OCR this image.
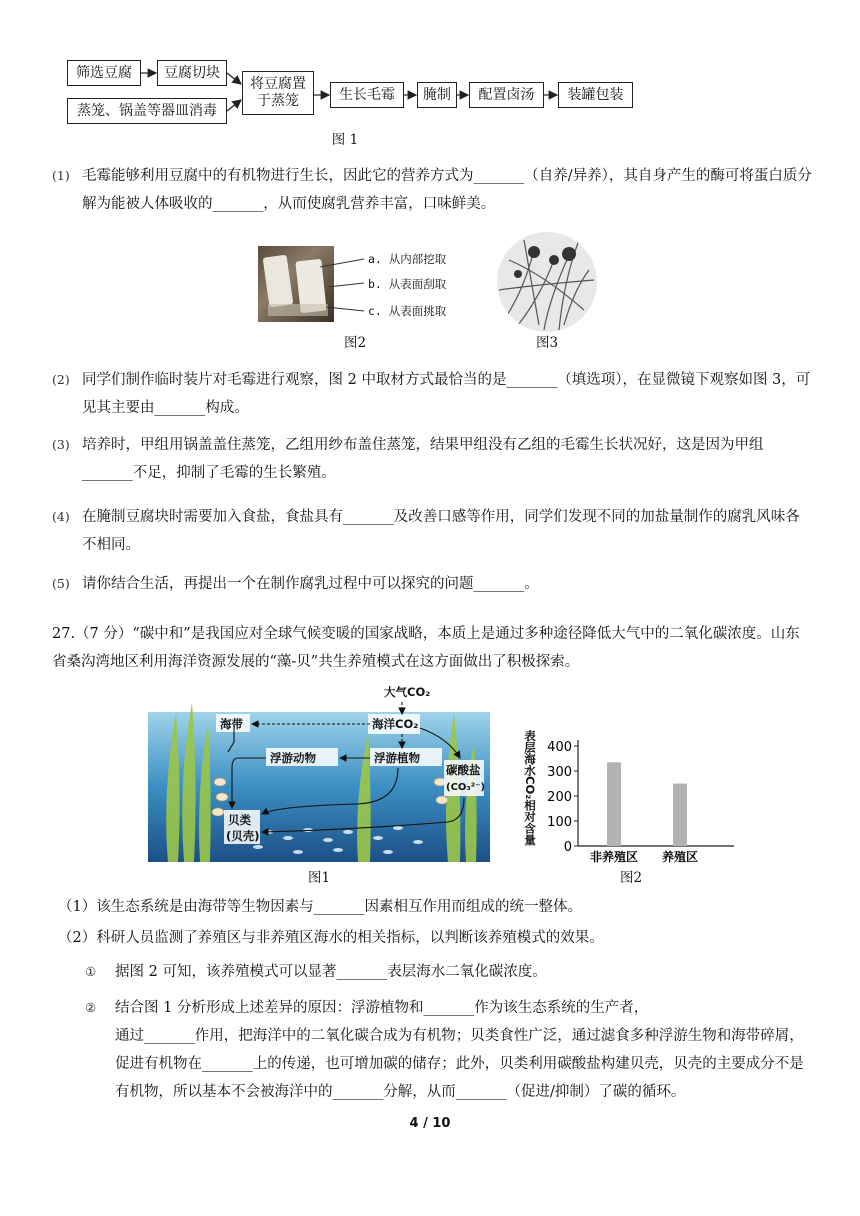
筛选豆腐	豆腐切块
蒸笼、锅盖等器皿消毒
将豆腐置
于蒸笼	生长毛霉	腌制	配置卤汤	装罐包装
图 1
(1) 毛霉能够利用豆腐中的有机物进行生长，因此它的营养方式为_______（自养/异养），其自身产生的酶可将蛋白质分解为能被人体吸收的_______，从而使腐乳营养丰富，口味鲜美。
a. 从内部挖取
b. 从表面刮取
c. 从表面挑取
图2	图3
(2) 同学们制作临时装片对毛霉进行观察，图 2 中取材方式最恰当的是_______（填选项），在显微镜下观察如图 3，可见其主要由_______构成。
(3) 培养时，甲组用锅盖盖住蒸笼，乙组用纱布盖住蒸笼，结果甲组没有乙组的毛霉生长状况好，这是因为甲组_______不足，抑制了毛霉的生长繁殖。
(4) 在腌制豆腐块时需要加入食盐，食盐具有_______及改善口感等作用，同学们发现不同的加盐量制作的腐乳风味各不相同。
(5) 请你结合生活，再提出一个在制作腐乳过程中可以探究的问题_______。
27.（7 分）“碳中和”是我国应对全球气候变暖的国家战略，本质上是通过多种途径降低大气中的二氧化碳浓度。山东省桑沟湾地区利用海洋资源发展的“藻-贝”共生养殖模式在这方面做出了积极探索。
大气CO₂
海带	海洋CO₂
浮游动物	浮游植物
碳酸盐
(CO₃²⁻)
贝类
(贝壳)
图1
表层海水CO₂相对含量
0
100
200
300
400
非养殖区 养殖区
图2
（1）该生态系统是由海带等生物因素与_______因素相互作用而组成的统一整体。
（2）科研人员监测了养殖区与非养殖区海水的相关指标，以判断该养殖模式的效果。
① 据图 2 可知，该养殖模式可以显著_______表层海水二氧化碳浓度。
② 结合图 1 分析形成上述差异的原因：浮游植物和_______作为该生态系统的生产者，
通过_______作用，把海洋中的二氧化碳合成为有机物；贝类食性广泛，通过滤食多种浮游生物和海带碎屑，促进有机物在_______上的传递，也可增加碳的储存；此外，贝类利用碳酸盐构建贝壳，贝壳的主要成分不是有机物，所以基本不会被海洋中的_______分解，从而_______（促进/抑制）了碳的循环。
4 / 10
